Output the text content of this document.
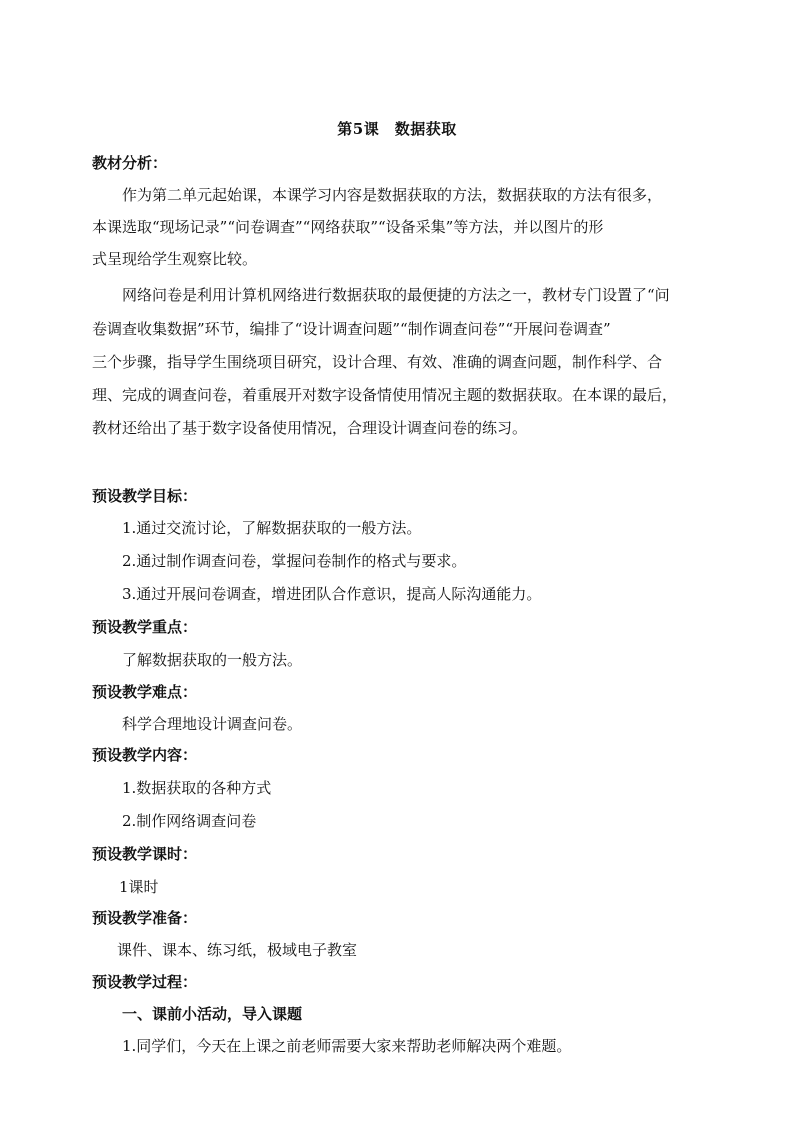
第5课　数据获取
教材分析：
作为第二单元起始课，本课学习内容是数据获取的方法，数据获取的方法有很多，
本课选取“现场记录”“问卷调查”“网络获取”“设备采集”等方法，并以图片的形
式呈现给学生观察比较。
网络问卷是利用计算机网络进行数据获取的最便捷的方法之一，教材专门设置了“问
卷调查收集数据”环节，编排了“设计调查问题”“制作调查问卷”“开展问卷调查”
三个步骤，指导学生围绕项目研究，设计合理、有效、准确的调查问题，制作科学、合
理、完成的调查问卷，着重展开对数字设备情使用情况主题的数据获取。在本课的最后，
教材还给出了基于数字设备使用情况，合理设计调查问卷的练习。
预设教学目标：
1.通过交流讨论，了解数据获取的一般方法。
2.通过制作调查问卷，掌握问卷制作的格式与要求。
3.通过开展问卷调查，增进团队合作意识，提高人际沟通能力。
预设教学重点：
了解数据获取的一般方法。
预设教学难点：
科学合理地设计调查问卷。
预设教学内容：
1.数据获取的各种方式
2.制作网络调查问卷
预设教学课时：
1课时
预设教学准备：
课件、课本、练习纸，极域电子教室
预设教学过程：
一、课前小活动，导入课题
1.同学们，今天在上课之前老师需要大家来帮助老师解决两个难题。
